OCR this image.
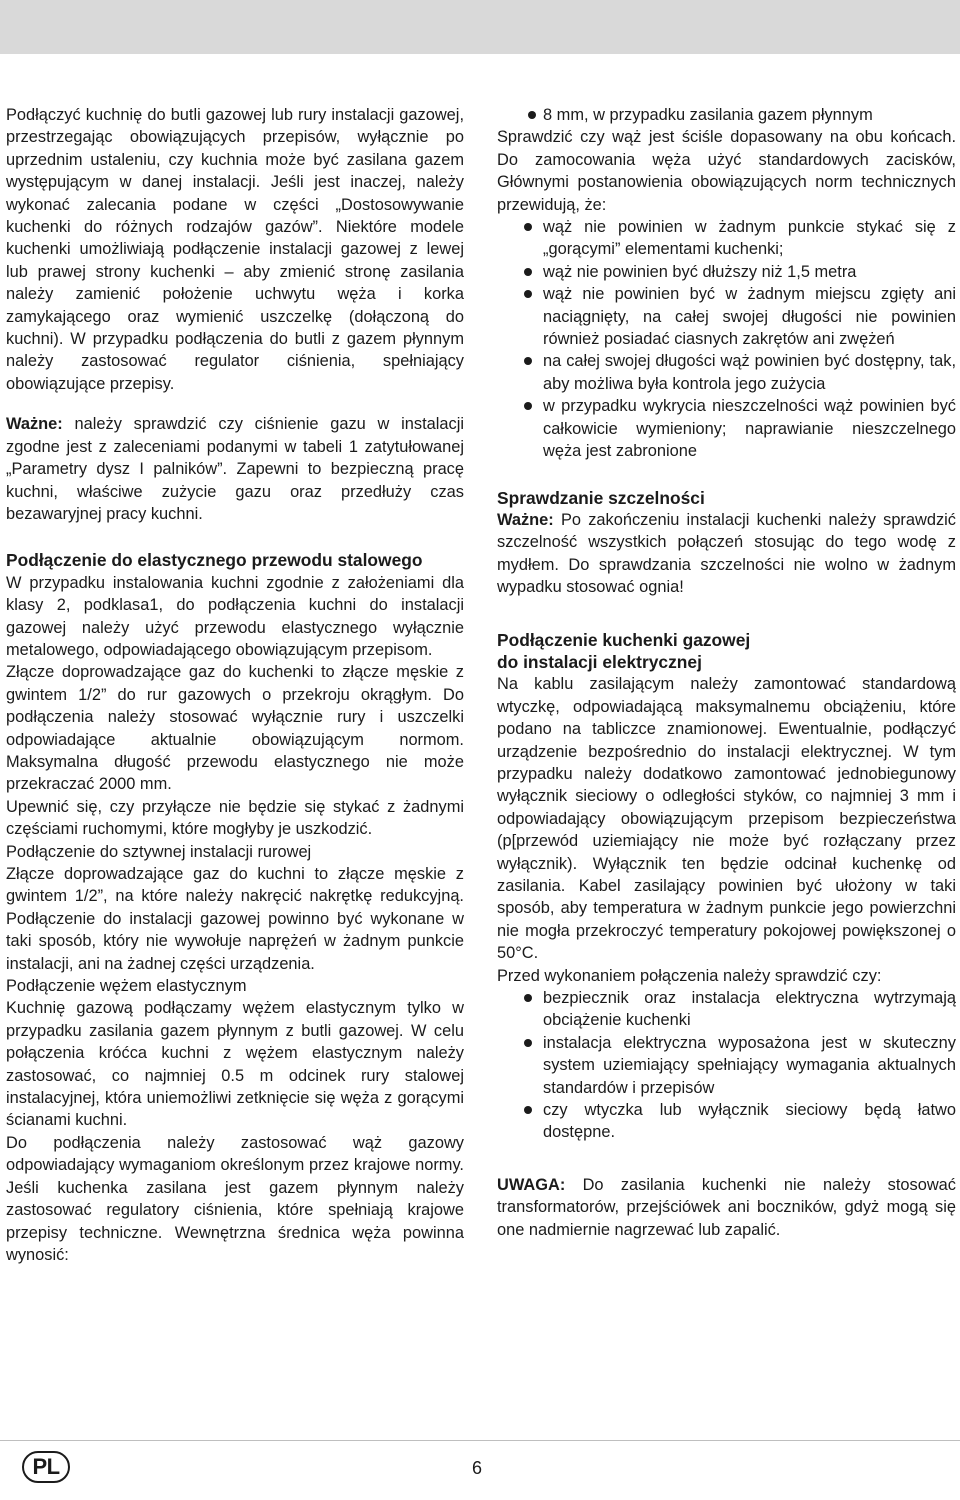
Podłączyć kuchnię do butli gazowej lub rury instalacji gazowej, przestrzegając obowiązujących przepisów, wyłącznie po uprzednim ustaleniu, czy kuchnia może być zasilana gazem występującym w danej instalacji. Jeśli jest inaczej, należy wykonać zalecania podane w części „Dostosowywanie kuchenki do różnych rodzajów gazów”. Niektóre modele kuchenki umożliwiają podłączenie instalacji gazowej z lewej lub prawej strony kuchenki – aby zmienić stronę zasilania należy zamienić położenie uchwytu węża i korka zamykającego oraz wymienić uszczelkę (dołączoną do kuchni). W przypadku podłączenia do butli z gazem płynnym należy zastosować regulator ciśnienia, spełniający obowiązujące przepisy.

Ważne: należy sprawdzić czy ciśnienie gazu w instalacji zgodne jest z zaleceniami podanymi w tabeli 1 zatytułowanej „Parametry dysz I palników”. Zapewni to bezpieczną pracę kuchni, właściwe zużycie gazu oraz przedłuży czas bezawaryjnej pracy kuchni.

Podłączenie do elastycznego przewodu stalowego

W przypadku instalowania kuchni zgodnie z założeniami dla klasy 2, podklasa1, do podłączenia kuchni do instalacji gazowej należy użyć przewodu elastycznego wyłącznie metalowego, odpowiadającego obowiązującym przepisom.

Złącze doprowadzające gaz do kuchenki to złącze męskie z gwintem 1/2” do rur gazowych o przekroju okrągłym. Do podłączenia należy stosować wyłącznie rury i uszczelki odpowiadające aktualnie obowiązującym normom. Maksymalna długość przewodu elastycznego nie może przekraczać 2000 mm.

Upewnić się, czy przyłącze nie będzie się stykać z żadnymi częściami ruchomymi, które mogłyby je uszkodzić.

Podłączenie do sztywnej instalacji rurowej

Złącze doprowadzające gaz do kuchni to złącze męskie z gwintem 1/2”, na które należy nakręcić nakrętkę redukcyjną. Podłączenie do instalacji gazowej powinno być wykonane w taki sposób, który nie wywołuje naprężeń w żadnym punkcie instalacji, ani na żadnej części urządzenia.

Podłączenie wężem elastycznym

Kuchnię gazową podłączamy wężem elastycznym tylko w przypadku zasilania gazem płynnym z butli gazowej. W celu połączenia króćca kuchni z wężem elastycznym należy zastosować, co najmniej 0.5 m odcinek rury stalowej instalacyjnej, która uniemożliwi zetknięcie się węża z gorącymi ścianami kuchni.

Do podłączenia należy zastosować wąż gazowy odpowiadający wymaganiom określonym przez krajowe normy. Jeśli kuchenka zasilana jest gazem płynnym należy zastosować regulatory ciśnienia, które spełniają krajowe przepisy techniczne. Wewnętrzna średnica węża powinna wynosić:

8 mm, w przypadku zasilania gazem płynnym

Sprawdzić czy wąż jest ściśle dopasowany na obu końcach. Do zamocowania węża użyć standardowych zacisków, Głównymi postanowienia obowiązujących norm technicznych przewidują, że:

wąż nie powinien w żadnym punkcie stykać się z „gorącymi” elementami kuchenki;
wąż nie powinien być dłuższy niż 1,5 metra
wąż nie powinien być w żadnym miejscu zgięty ani naciągnięty, na całej swojej długości nie powinien również posiadać ciasnych zakrętów ani zwężeń
na całej swojej długości wąż powinien być dostępny, tak, aby możliwa była kontrola jego zużycia
w przypadku wykrycia nieszczelności wąż powinien być całkowicie wymieniony; naprawianie nieszczelnego węża jest zabronione

Sprawdzanie szczelności

Ważne: Po zakończeniu instalacji kuchenki należy sprawdzić szczelność wszystkich połączeń stosując do tego wodę z mydłem. Do sprawdzania szczelności nie wolno w żadnym wypadku stosować ognia!

Podłączenie kuchenki gazowej

do instalacji elektrycznej

Na kablu zasilającym należy zamontować standardową wtyczkę, odpowiadającą maksymalnemu obciążeniu, które podano na tabliczce znamionowej. Ewentualnie, podłączyć urządzenie bezpośrednio do instalacji elektrycznej. W tym przypadku należy dodatkowo zamontować jednobiegunowy wyłącznik sieciowy o odległości styków, co najmniej 3 mm i odpowiadający obowiązującym przepisom bezpieczeństwa (p[przewód uziemiający nie może być rozłączany przez wyłącznik). Wyłącznik ten będzie odcinał kuchenkę od zasilania. Kabel zasilający powinien być ułożony w taki sposób, aby temperatura w żadnym punkcie jego powierzchni nie mogła przekroczyć temperatury pokojowej powiększonej o 50°C.

Przed wykonaniem połączenia należy sprawdzić czy:

bezpiecznik oraz instalacja elektryczna wytrzymają obciążenie kuchenki
instalacja elektryczna wyposażona jest w skuteczny system uziemiający spełniający wymagania aktualnych standardów i przepisów
czy wtyczka lub wyłącznik sieciowy będą łatwo dostępne.

UWAGA: Do zasilania kuchenki nie należy stosować transformatorów, przejściówek ani boczników, gdyż mogą się one nadmiernie nagrzewać lub zapalić.

PL	6
